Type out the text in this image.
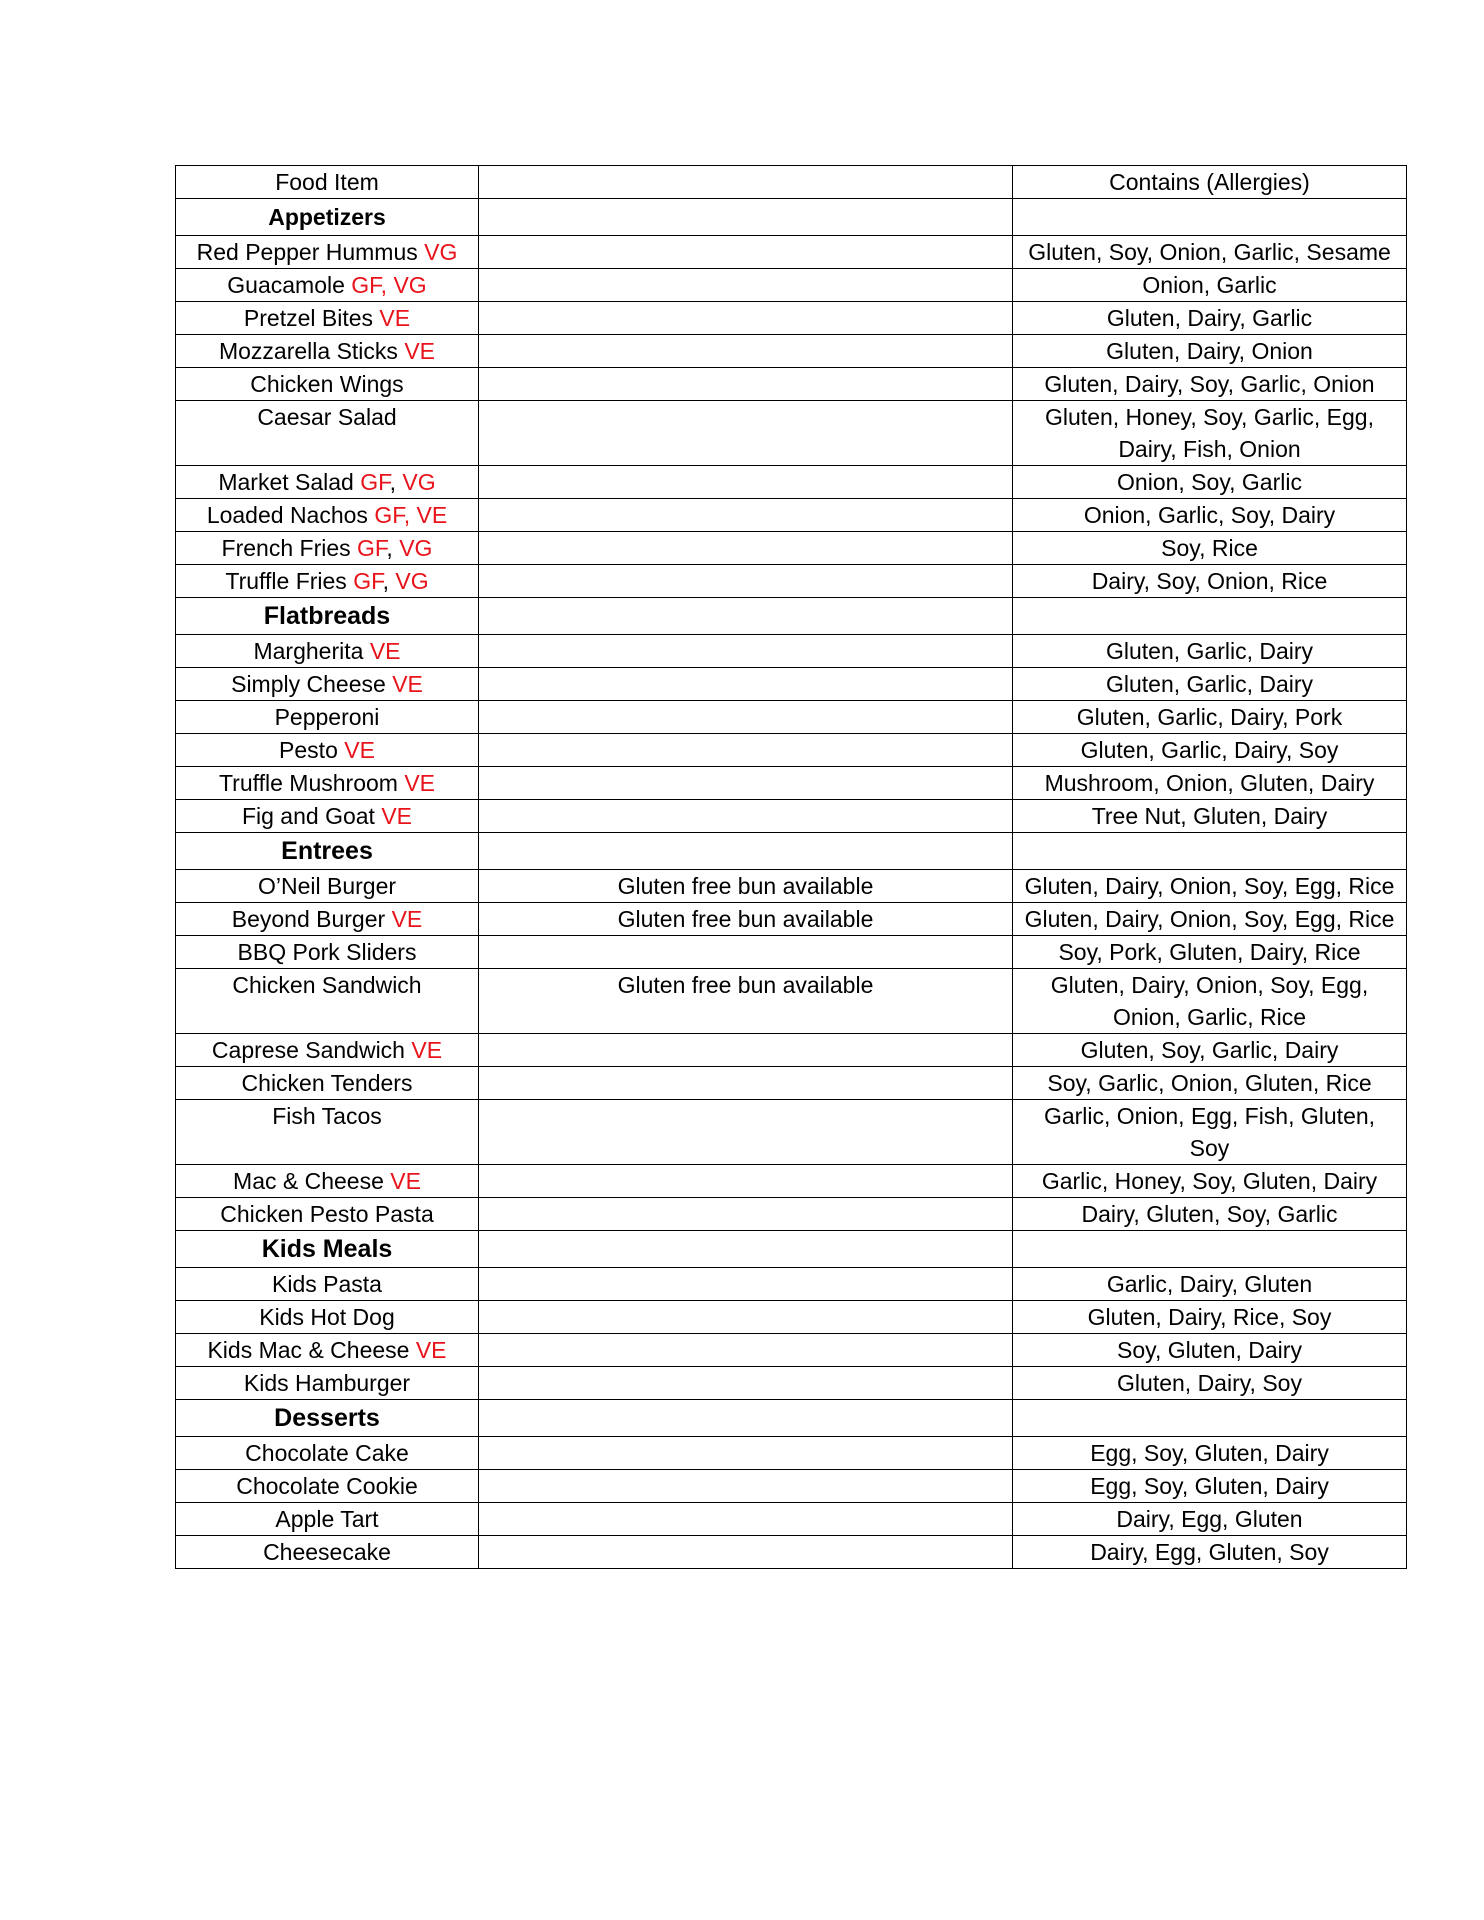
Food Item		Contains (Allergies)
Appetizers		
Red Pepper Hummus VG		Gluten, Soy, Onion, Garlic, Sesame
Guacamole GF, VG		Onion, Garlic
Pretzel Bites VE		Gluten, Dairy, Garlic
Mozzarella Sticks VE		Gluten, Dairy, Onion
Chicken Wings		Gluten, Dairy, Soy, Garlic, Onion
Caesar Salad		Gluten, Honey, Soy, Garlic, Egg, Dairy, Fish, Onion
Market Salad GF, VG		Onion, Soy, Garlic
Loaded Nachos GF, VE		Onion, Garlic, Soy, Dairy
French Fries GF, VG		Soy, Rice
Truffle Fries GF, VG		Dairy, Soy, Onion, Rice
Flatbreads		
Margherita VE		Gluten, Garlic, Dairy
Simply Cheese VE		Gluten, Garlic, Dairy
Pepperoni		Gluten, Garlic, Dairy, Pork
Pesto VE		Gluten, Garlic, Dairy, Soy
Truffle Mushroom VE		Mushroom, Onion, Gluten, Dairy
Fig and Goat VE		Tree Nut, Gluten, Dairy
Entrees		
O’Neil Burger	Gluten free bun available	Gluten, Dairy, Onion, Soy, Egg, Rice
Beyond Burger VE	Gluten free bun available	Gluten, Dairy, Onion, Soy, Egg, Rice
BBQ Pork Sliders		Soy, Pork, Gluten, Dairy, Rice
Chicken Sandwich	Gluten free bun available	Gluten, Dairy, Onion, Soy, Egg, Onion, Garlic, Rice
Caprese Sandwich VE		Gluten, Soy, Garlic, Dairy
Chicken Tenders		Soy, Garlic, Onion, Gluten, Rice
Fish Tacos		Garlic, Onion, Egg, Fish, Gluten, Soy
Mac & Cheese VE		Garlic, Honey, Soy, Gluten, Dairy
Chicken Pesto Pasta		Dairy, Gluten, Soy, Garlic
Kids Meals		
Kids Pasta		Garlic, Dairy, Gluten
Kids Hot Dog		Gluten, Dairy, Rice, Soy
Kids Mac & Cheese VE		Soy, Gluten, Dairy
Kids Hamburger		Gluten, Dairy, Soy
Desserts		
Chocolate Cake		Egg, Soy, Gluten, Dairy
Chocolate Cookie		Egg, Soy, Gluten, Dairy
Apple Tart		Dairy, Egg, Gluten
Cheesecake		Dairy, Egg, Gluten, Soy
